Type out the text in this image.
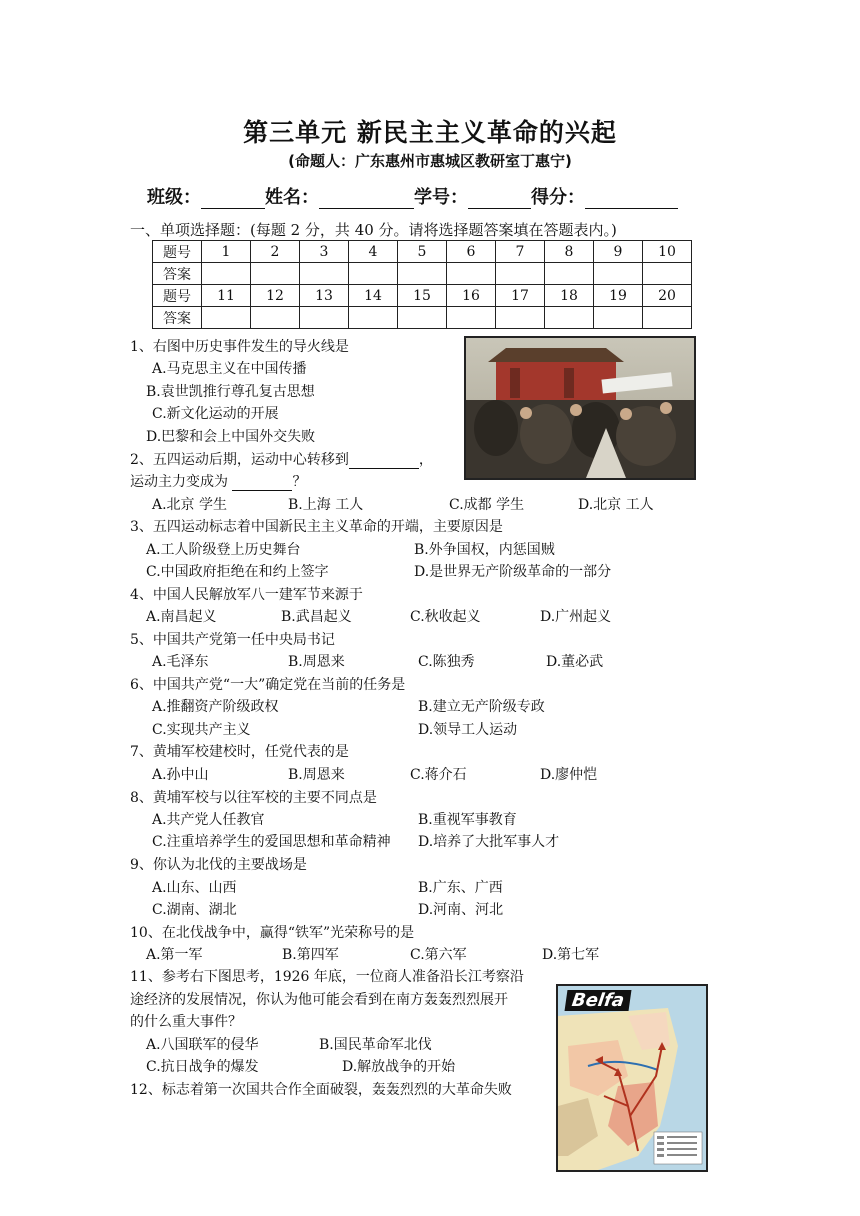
第三单元 新民主主义革命的兴起
(命题人：广东惠州市惠城区教研室丁惠宁)
班级：	姓名：	学号：	得分：
一、单项选择题：(每题 2 分，共 40 分。请将选择题答案填在答题表内。)
题号	1	2	3	4	5	6	7	8	9	10
答案										
题号	11	12	13	14	15	16	17	18	19	20
答案										
1、右图中历史事件发生的导火线是
A.马克思主义在中国传播
B.袁世凯推行尊孔复古思想
C.新文化运动的开展
D.巴黎和会上中国外交失败
2、五四运动后期，运动中心转移到	，
运动主力变成为	？
A.北京 学生	B.上海 工人	C.成都 学生	D.北京 工人
3、五四运动标志着中国新民主主义革命的开端，主要原因是
A.工人阶级登上历史舞台	B.外争国权，内惩国贼
C.中国政府拒绝在和约上签字	D.是世界无产阶级革命的一部分
4、中国人民解放军八一建军节来源于
A.南昌起义	B.武昌起义	C.秋收起义	D.广州起义
5、中国共产党第一任中央局书记
A.毛泽东	B.周恩来	C.陈独秀	D.董必武
6、中国共产党“一大”确定党在当前的任务是
A.推翻资产阶级政权	B.建立无产阶级专政
C.实现共产主义	D.领导工人运动
7、黄埔军校建校时，任党代表的是
A.孙中山	B.周恩来	C.蒋介石	D.廖仲恺
8、黄埔军校与以往军校的主要不同点是
A.共产党人任教官	B.重视军事教育
C.注重培养学生的爱国思想和革命精神 D.培养了大批军事人才
9、你认为北伐的主要战场是
A.山东、山西	B.广东、广西
C.湖南、湖北	D.河南、河北
10、在北伐战争中，赢得“铁军”光荣称号的是
A.第一军	B.第四军	C.第六军	D.第七军
11、参考右下图思考，1926 年底，一位商人准备沿长江考察沿
途经济的发展情况，你认为他可能会看到在南方轰轰烈烈展开
的什么重大事件？
A.八国联军的侵华	B.国民革命军北伐
C.抗日战争的爆发	D.解放战争的开始
12、标志着第一次国共合作全面破裂，轰轰烈烈的大革命失败
Belfa
